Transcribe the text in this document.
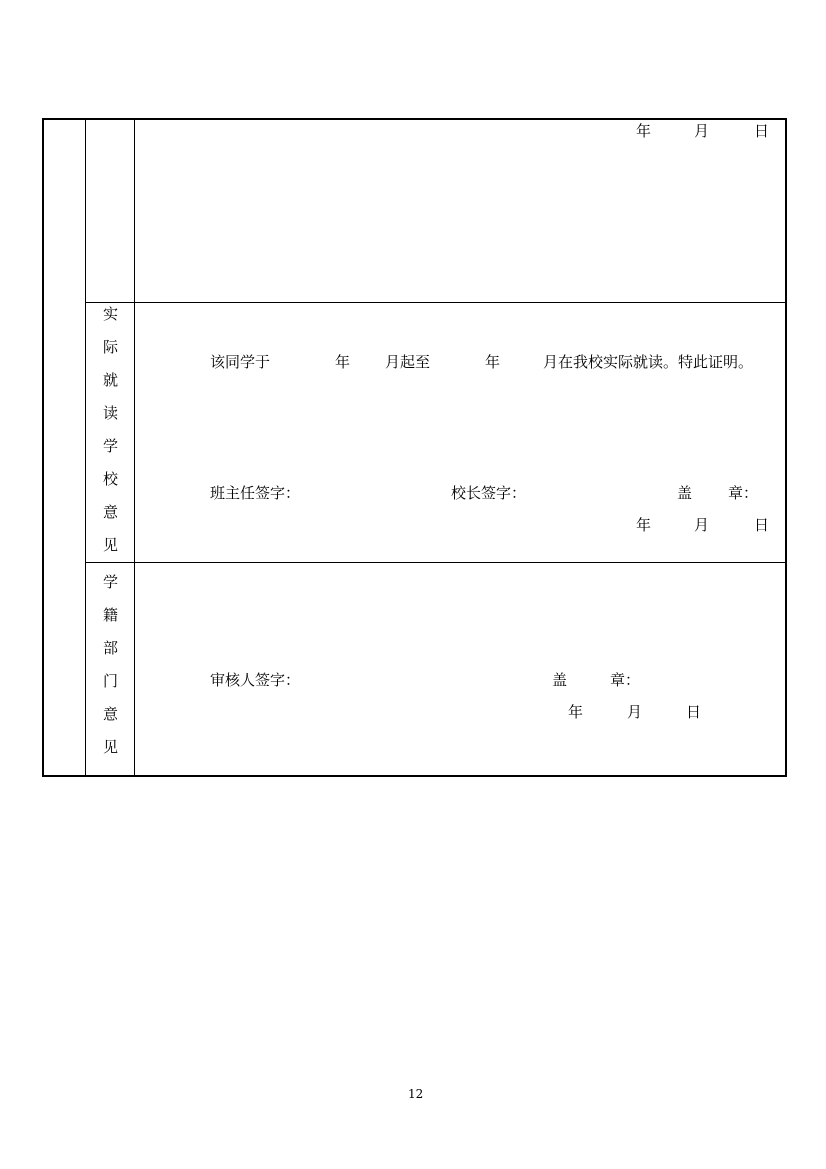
年	月	日
实
际
就
读
学
校
意
见
该同学于	年 月起至	年	月在我校实际就读。特此证明。
班主任签字：	校长签字：	盖 章：
年	月	日
学
籍
部
门
意
见
审核人签字：	盖	章：
年	月	日
12
